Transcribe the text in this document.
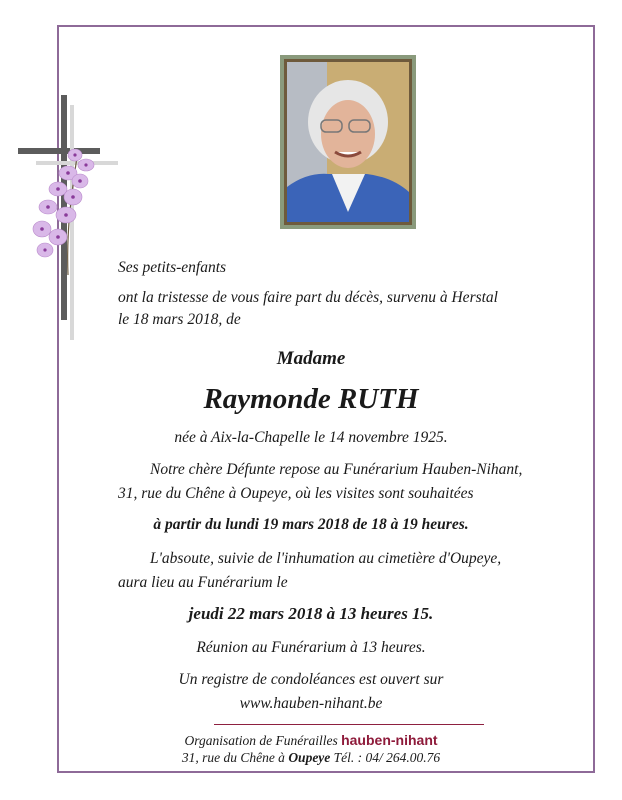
Ses petits-enfants
ont la tristesse de vous faire part du décès, survenu à Herstal
le 18 mars 2018, de
Madame
Raymonde RUTH
née à Aix-la-Chapelle le 14 novembre 1925.
Notre chère Défunte repose au Funérarium Hauben-Nihant,
31, rue du Chêne à Oupeye, où les visites sont souhaitées
à partir du lundi 19 mars 2018 de 18 à 19 heures.
L'absoute, suivie de l'inhumation au cimetière d'Oupeye,
aura lieu au Funérarium le
jeudi 22 mars 2018 à 13 heures 15.
Réunion au Funérarium à 13 heures.
Un registre de condoléances est ouvert sur
www.hauben-nihant.be
Organisation de Funérailles hauben-nihant
31, rue du Chêne à Oupeye Tél. : 04/ 264.00.76
